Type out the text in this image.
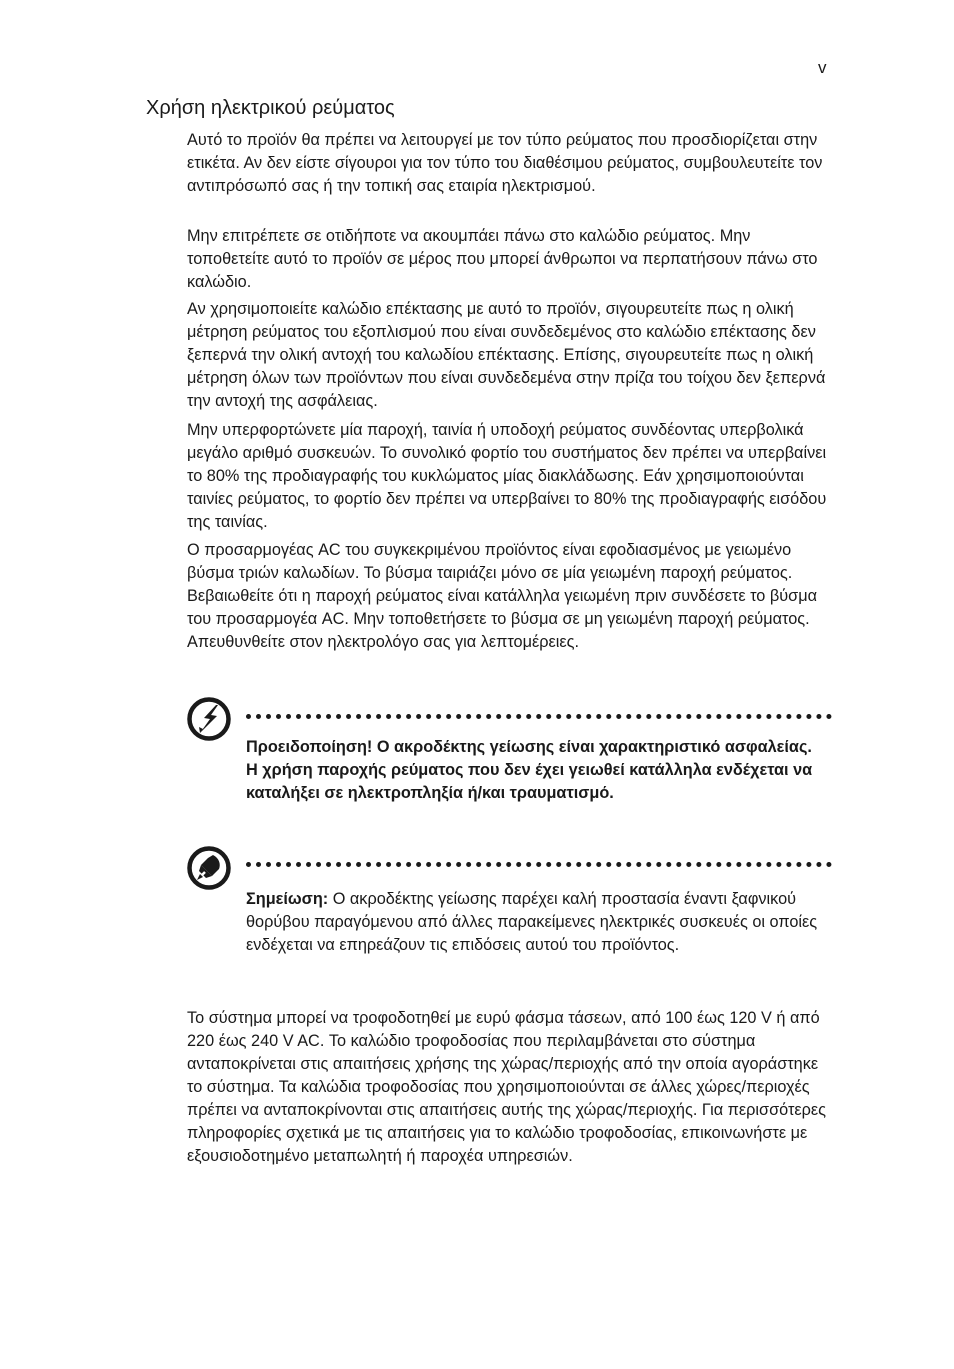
v
Χρήση ηλεκτρικού ρεύματος

Αυτό το προϊόν θα πρέπει να λειτουργεί με τον τύπο ρεύματος που προσδιορίζεται στην ετικέτα. Αν δεν είστε σίγουροι για τον τύπο του διαθέσιμου ρεύματος, συμβουλευτείτε τον αντιπρόσωπό σας ή την τοπική σας εταιρία ηλεκτρισμού.

Μην επιτρέπετε σε οτιδήποτε να ακουμπάει πάνω στο καλώδιο ρεύματος. Μην τοποθετείτε αυτό το προϊόν σε μέρος που μπορεί άνθρωποι να περπατήσουν πάνω στο καλώδιο.

Αν χρησιμοποιείτε καλώδιο επέκτασης με αυτό το προϊόν, σιγουρευτείτε πως η ολική μέτρηση ρεύματος του εξοπλισμού που είναι συνδεδεμένος στο καλώδιο επέκτασης δεν ξεπερνά την ολική αντοχή του καλωδίου επέκτασης. Επίσης, σιγουρευτείτε πως η ολική μέτρηση όλων των προϊόντων που είναι συνδεδεμένα στην πρίζα του τοίχου δεν ξεπερνά την αντοχή της ασφάλειας.

Μην υπερφορτώνετε μία παροχή, ταινία ή υποδοχή ρεύματος συνδέοντας υπερβολικά μεγάλο αριθμό συσκευών. Το συνολικό φορτίο του συστήματος δεν πρέπει να υπερβαίνει το 80% της προδιαγραφής του κυκλώματος μίας διακλάδωσης. Εάν χρησιμοποιούνται ταινίες ρεύματος, το φορτίο δεν πρέπει να υπερβαίνει το 80% της προδιαγραφής εισόδου της ταινίας.

Ο προσαρμογέας AC του συγκεκριμένου προϊόντος είναι εφοδιασμένος με γειωμένο βύσμα τριών καλωδίων. Το βύσμα ταιριάζει μόνο σε μία γειωμένη παροχή ρεύματος. Βεβαιωθείτε ότι η παροχή ρεύματος είναι κατάλληλα γειωμένη πριν συνδέσετε το βύσμα του προσαρμογέα AC. Μην τοποθετήσετε το βύσμα σε μη γειωμένη παροχή ρεύματος. Απευθυνθείτε στον ηλεκτρολόγο σας για λεπτομέρειες.

Προειδοποίηση! Ο ακροδέκτης γείωσης είναι χαρακτηριστικό ασφαλείας. Η χρήση παροχής ρεύματος που δεν έχει γειωθεί κατάλληλα ενδέχεται να καταλήξει σε ηλεκτροπληξία ή/και τραυματισμό.

Σημείωση: Ο ακροδέκτης γείωσης παρέχει καλή προστασία έναντι ξαφνικού θορύβου παραγόμενου από άλλες παρακείμενες ηλεκτρικές συσκευές οι οποίες ενδέχεται να επηρεάζουν τις επιδόσεις αυτού του προϊόντος.

Το σύστημα μπορεί να τροφοδοτηθεί με ευρύ φάσμα τάσεων, από 100 έως 120 V ή από 220 έως 240 V AC. Το καλώδιο τροφοδοσίας που περιλαμβάνεται στο σύστημα ανταποκρίνεται στις απαιτήσεις χρήσης της χώρας/περιοχής από την οποία αγοράστηκε το σύστημα. Τα καλώδια τροφοδοσίας που χρησιμοποιούνται σε άλλες χώρες/περιοχές πρέπει να ανταποκρίνονται στις απαιτήσεις αυτής της χώρας/περιοχής. Για περισσότερες πληροφορίες σχετικά με τις απαιτήσεις για το καλώδιο τροφοδοσίας, επικοινωνήστε με εξουσιοδοτημένο μεταπωλητή ή παροχέα υπηρεσιών.
